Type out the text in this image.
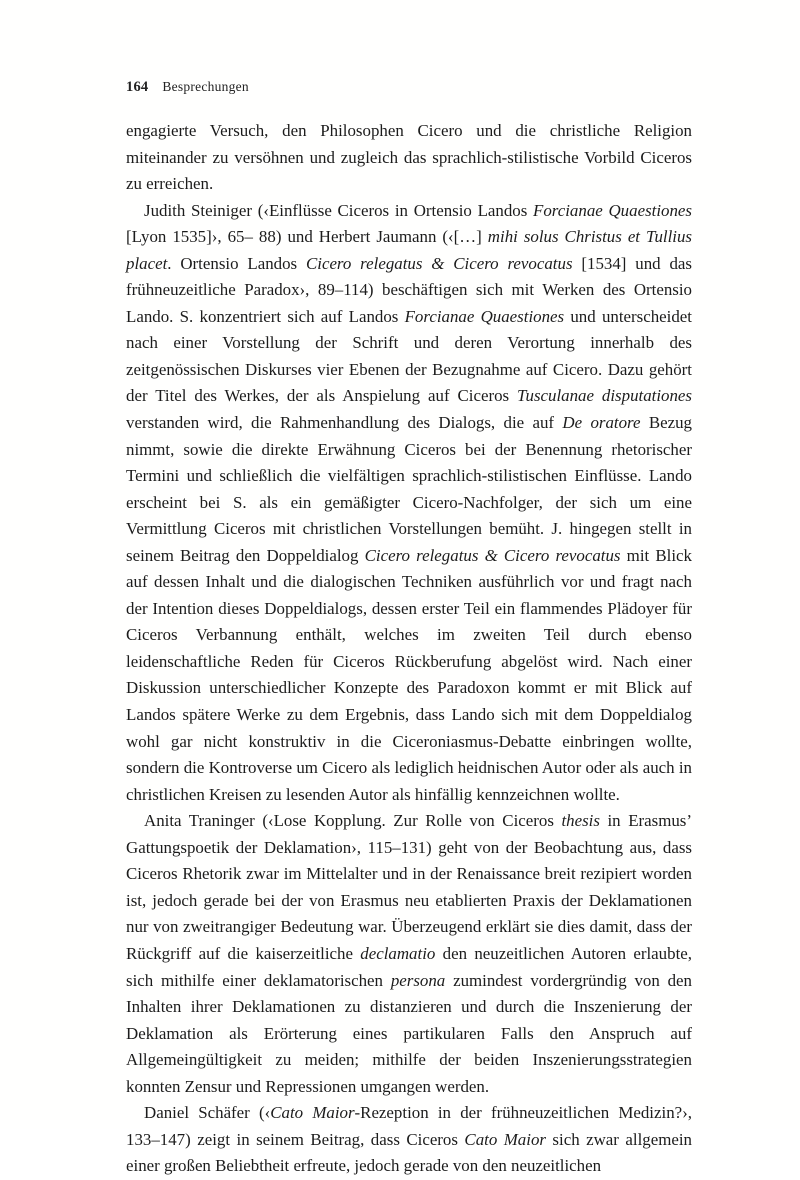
164 Besprechungen

engagierte Versuch, den Philosophen Cicero und die christliche Religion miteinander zu versöhnen und zugleich das sprachlich-stilistische Vorbild Ciceros zu erreichen.

Judith Steiniger (‹Einflüsse Ciceros in Ortensio Landos Forcianae Quaestiones [Lyon 1535]›, 65– 88) und Herbert Jaumann (‹[…] mihi solus Christus et Tullius placet. Ortensio Landos Cicero relegatus & Cicero revocatus [1534] und das frühneuzeitliche Paradox›, 89–114) beschäftigen sich mit Werken des Ortensio Lando. S. konzentriert sich auf Landos Forcianae Quaestiones und unterscheidet nach einer Vorstellung der Schrift und deren Verortung innerhalb des zeitgenössischen Diskurses vier Ebenen der Bezugnahme auf Cicero. Dazu gehört der Titel des Werkes, der als Anspielung auf Ciceros Tusculanae disputationes verstanden wird, die Rahmenhandlung des Dialogs, die auf De oratore Bezug nimmt, sowie die direkte Erwähnung Ciceros bei der Benennung rhetorischer Termini und schließlich die vielfältigen sprachlich-stilistischen Einflüsse. Lando erscheint bei S. als ein gemäßigter Cicero-Nachfolger, der sich um eine Vermittlung Ciceros mit christlichen Vorstellungen bemüht. J. hingegen stellt in seinem Beitrag den Doppeldialog Cicero relegatus & Cicero revocatus mit Blick auf dessen Inhalt und die dialogischen Techniken ausführlich vor und fragt nach der Intention dieses Doppeldialogs, dessen erster Teil ein flammendes Plädoyer für Ciceros Verbannung enthält, welches im zweiten Teil durch ebenso leidenschaftliche Reden für Ciceros Rückberufung abgelöst wird. Nach einer Diskussion unterschiedlicher Konzepte des Paradoxon kommt er mit Blick auf Landos spätere Werke zu dem Ergebnis, dass Lando sich mit dem Doppeldialog wohl gar nicht konstruktiv in die Ciceroniasmus-Debatte einbringen wollte, sondern die Kontroverse um Cicero als lediglich heidnischen Autor oder als auch in christlichen Kreisen zu lesenden Autor als hinfällig kennzeichnen wollte.

Anita Traninger (‹Lose Kopplung. Zur Rolle von Ciceros thesis in Erasmus’ Gattungspoetik der Deklamation›, 115–131) geht von der Beobachtung aus, dass Ciceros Rhetorik zwar im Mittelalter und in der Renaissance breit rezipiert worden ist, jedoch gerade bei der von Erasmus neu etablierten Praxis der Deklamationen nur von zweitrangiger Bedeutung war. Überzeugend erklärt sie dies damit, dass der Rückgriff auf die kaiserzeitliche declamatio den neuzeitlichen Autoren erlaubte, sich mithilfe einer deklamatorischen persona zumindest vordergründig von den Inhalten ihrer Deklamationen zu distanzieren und durch die Inszenierung der Deklamation als Erörterung eines partikularen Falls den Anspruch auf Allgemeingültigkeit zu meiden; mithilfe der beiden Inszenierungsstrategien konnten Zensur und Repressionen umgangen werden.

Daniel Schäfer (‹Cato Maior-Rezeption in der frühneuzeitlichen Medizin?›, 133–147) zeigt in seinem Beitrag, dass Ciceros Cato Maior sich zwar allgemein einer großen Beliebtheit erfreute, jedoch gerade von den neuzeitlichen
